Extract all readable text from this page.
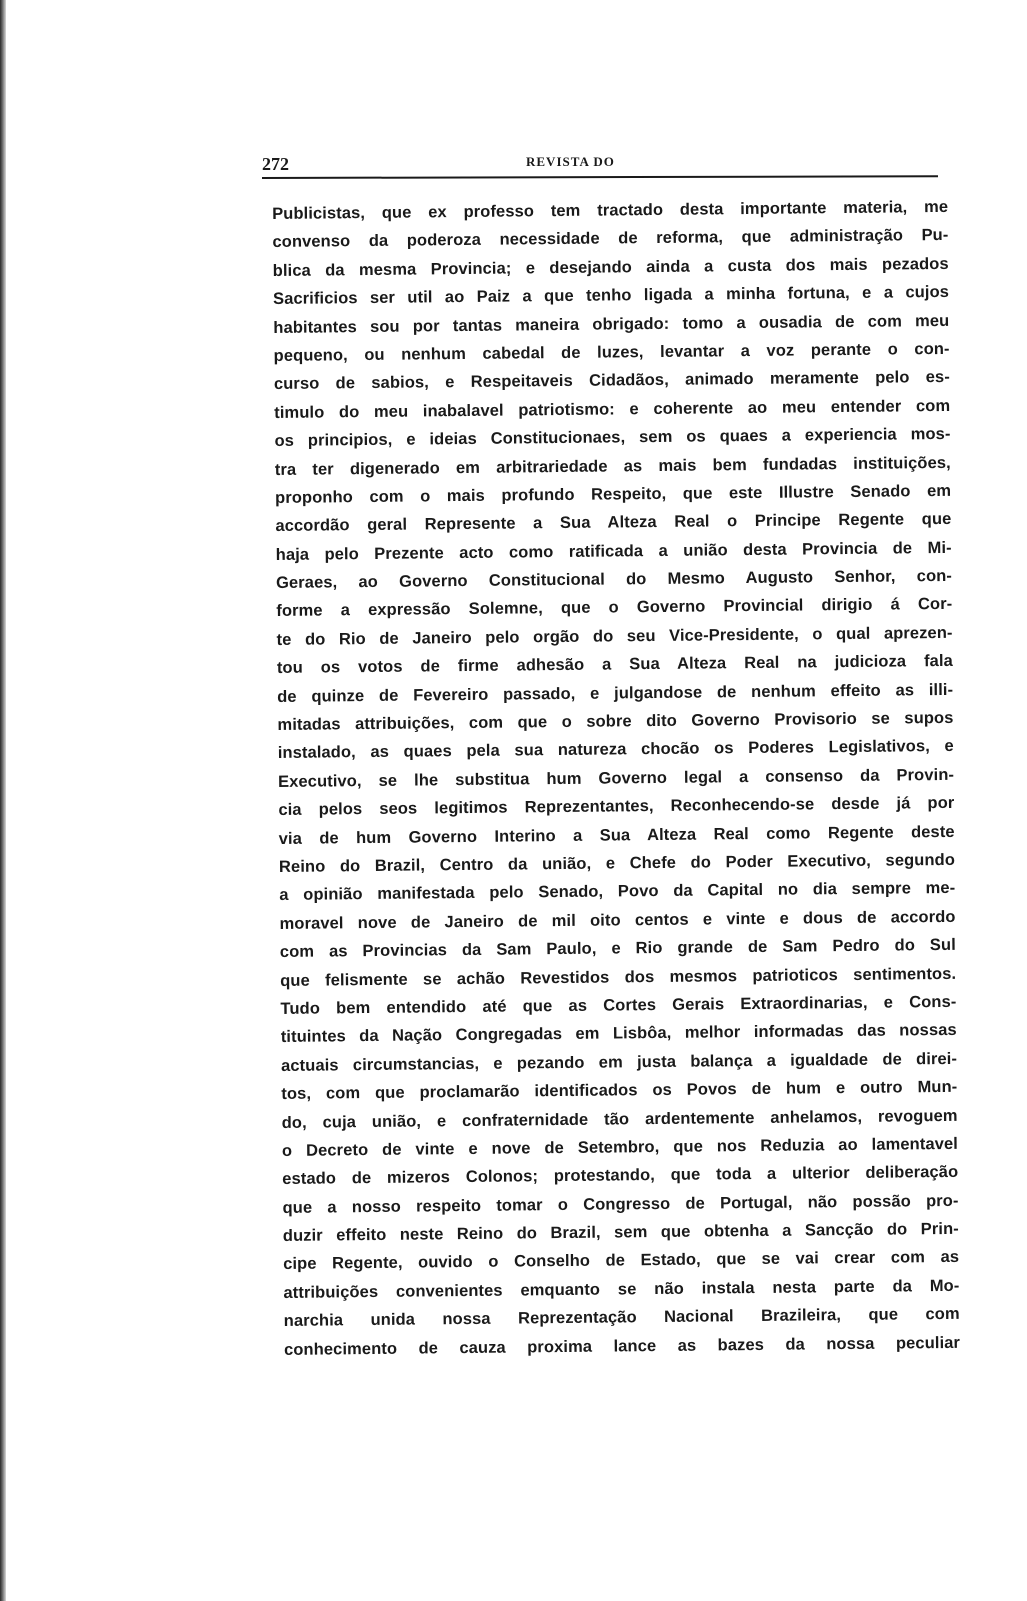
272	REVISTA DO
Publicistas, que ex professo tem tractado desta importante materia, me
convenso da poderoza necessidade de reforma, que administração Pu-
blica da mesma Provincia; e desejando ainda a custa dos mais pezados
Sacrificios ser util ao Paiz a que tenho ligada a minha fortuna, e a cujos
habitantes sou por tantas maneira obrigado: tomo a ousadia de com meu
pequeno, ou nenhum cabedal de luzes, levantar a voz perante o con-
curso de sabios, e Respeitaveis Cidadãos, animado meramente pelo es-
timulo do meu inabalavel patriotismo: e coherente ao meu entender com
os principios, e ideias Constitucionaes, sem os quaes a experiencia mos-
tra ter digenerado em arbitrariedade as mais bem fundadas instituições,
proponho com o mais profundo Respeito, que este Illustre Senado em
accordão geral Represente a Sua Alteza Real o Principe Regente que
haja pelo Prezente acto como ratificada a união desta Provincia de Mi-
Geraes, ao Governo Constitucional do Mesmo Augusto Senhor, con-
forme a expressão Solemne, que o Governo Provincial dirigio á Cor-
te do Rio de Janeiro pelo orgão do seu Vice-Presidente, o qual aprezen-
tou os votos de firme adhesão a Sua Alteza Real na judicioza fala
de quinze de Fevereiro passado, e julgandose de nenhum effeito as illi-
mitadas attribuições, com que o sobre dito Governo Provisorio se supos
instalado, as quaes pela sua natureza chocão os Poderes Legislativos, e
Executivo, se lhe substitua hum Governo legal a consenso da Provin-
cia pelos seos legitimos Reprezentantes, Reconhecendo-se desde já por
via de hum Governo Interino a Sua Alteza Real como Regente deste
Reino do Brazil, Centro da união, e Chefe do Poder Executivo, segundo
a opinião manifestada pelo Senado, Povo da Capital no dia sempre me-
moravel nove de Janeiro de mil oito centos e vinte e dous de accordo
com as Provincias da Sam Paulo, e Rio grande de Sam Pedro do Sul
que felismente se achão Revestidos dos mesmos patrioticos sentimentos.
Tudo bem entendido até que as Cortes Gerais Extraordinarias, e Cons-
tituintes da Nação Congregadas em Lisbôa, melhor informadas das nossas
actuais circumstancias, e pezando em justa balança a igualdade de direi-
tos, com que proclamarão identificados os Povos de hum e outro Mun-
do, cuja união, e confraternidade tão ardentemente anhelamos, revoguem
o Decreto de vinte e nove de Setembro, que nos Reduzia ao lamentavel
estado de mizeros Colonos; protestando, que toda a ulterior deliberação
que a nosso respeito tomar o Congresso de Portugal, não possão pro-
duzir effeito neste Reino do Brazil, sem que obtenha a Sancção do Prin-
cipe Regente, ouvido o Conselho de Estado, que se vai crear com as
attribuições convenientes emquanto se não instala nesta parte da Mo-
narchia unida nossa Reprezentação Nacional Brazileira, que com
conhecimento de cauza proxima lance as bazes da nossa peculiar
